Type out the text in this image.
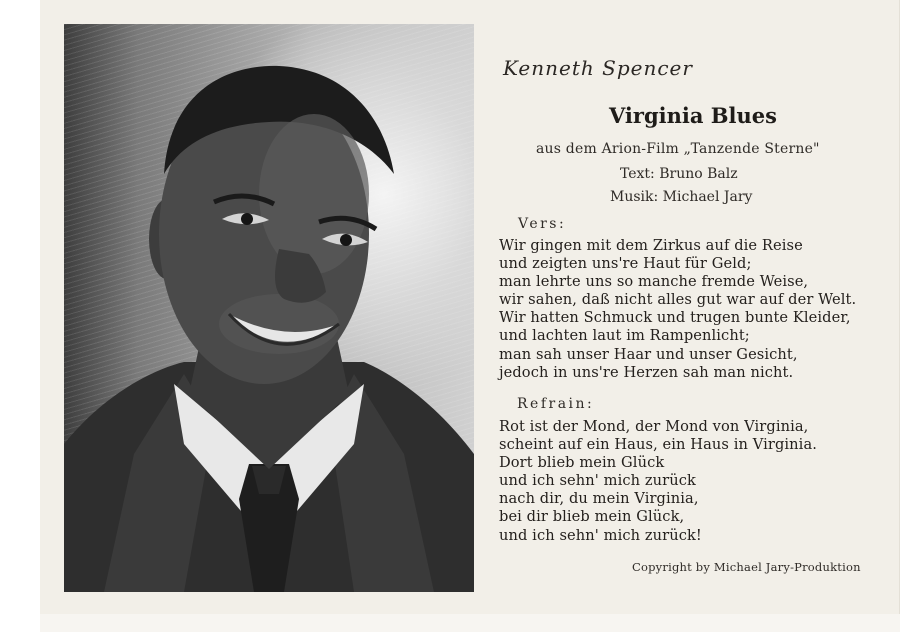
Kenneth Spencer
Virginia Blues
aus dem Arion-Film „Tanzende Sterne"
Text: Bruno Balz
Musik: Michael Jary
Vers:
Wir gingen mit dem Zirkus auf die Reise
und zeigten uns're Haut für Geld;
man lehrte uns so manche fremde Weise,
wir sahen, daß nicht alles gut war auf der Welt.
Wir hatten Schmuck und trugen bunte Kleider,
und lachten laut im Rampenlicht;
man sah unser Haar und unser Gesicht,
jedoch in uns're Herzen sah man nicht.
Refrain:
Rot ist der Mond, der Mond von Virginia,
scheint auf ein Haus, ein Haus in Virginia.
Dort blieb mein Glück
und ich sehn' mich zurück
nach dir, du mein Virginia,
bei dir blieb mein Glück,
und ich sehn' mich zurück!
Copyright by Michael Jary-Produktion
